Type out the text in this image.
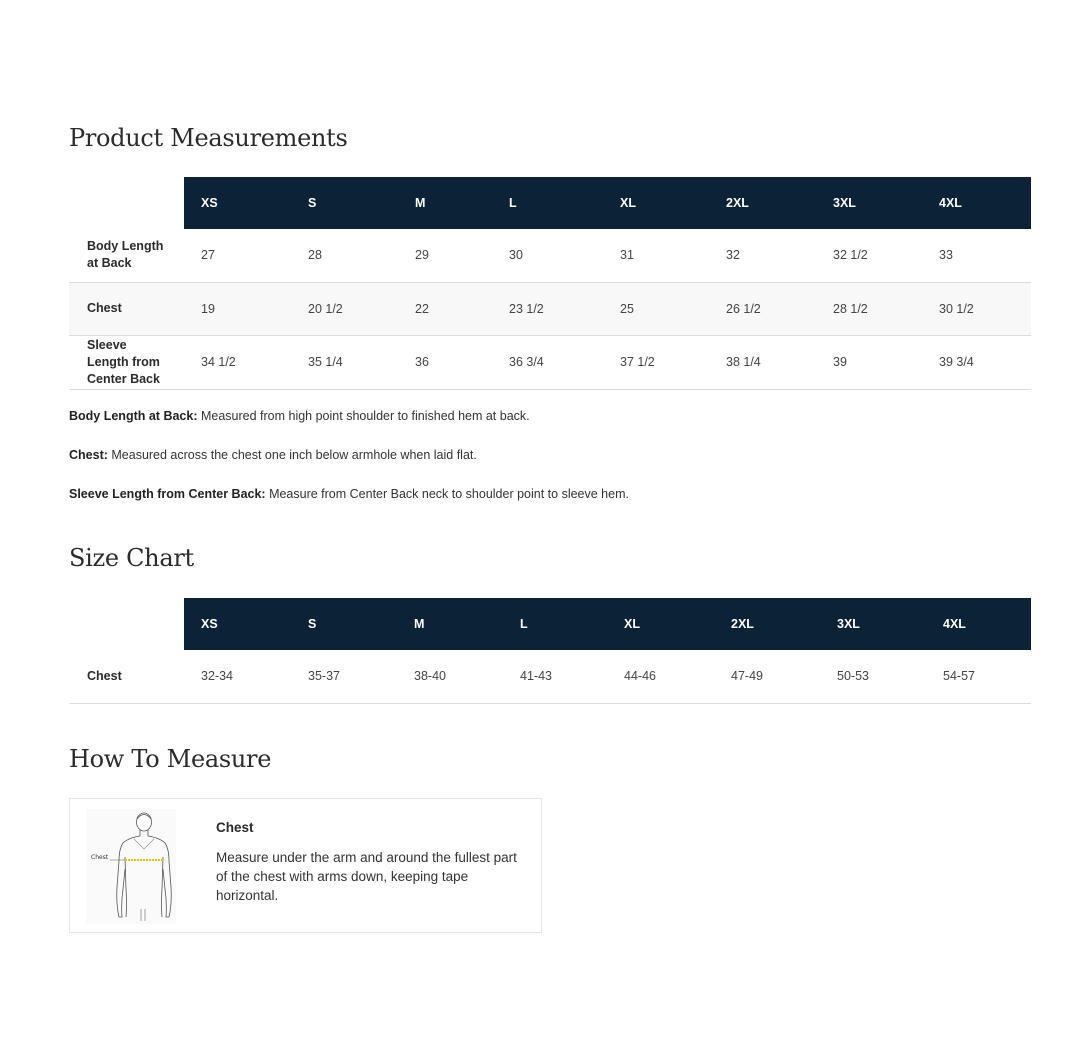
Product Measurements
	XS	S	M	L	XL	2XL	3XL	4XL
Body Length at Back	27	28	29	30	31	32	32 1/2	33
Chest	19	20 1/2	22	23 1/2	25	26 1/2	28 1/2	30 1/2
Sleeve Length from Center Back	34 1/2	35 1/4	36	36 3/4	37 1/2	38 1/4	39	39 3/4

Body Length at Back: Measured from high point shoulder to finished hem at back.

Chest: Measured across the chest one inch below armhole when laid flat.

Sleeve Length from Center Back: Measure from Center Back neck to shoulder point to sleeve hem.

Size Chart
	XS	S	M	L	XL	2XL	3XL	4XL
Chest	32-34	35-37	38-40	41-43	44-46	47-49	50-53	54-57
How To Measure
Chest
Chest
Measure under the arm and around the fullest part of the chest with arms down, keeping tape horizontal.
